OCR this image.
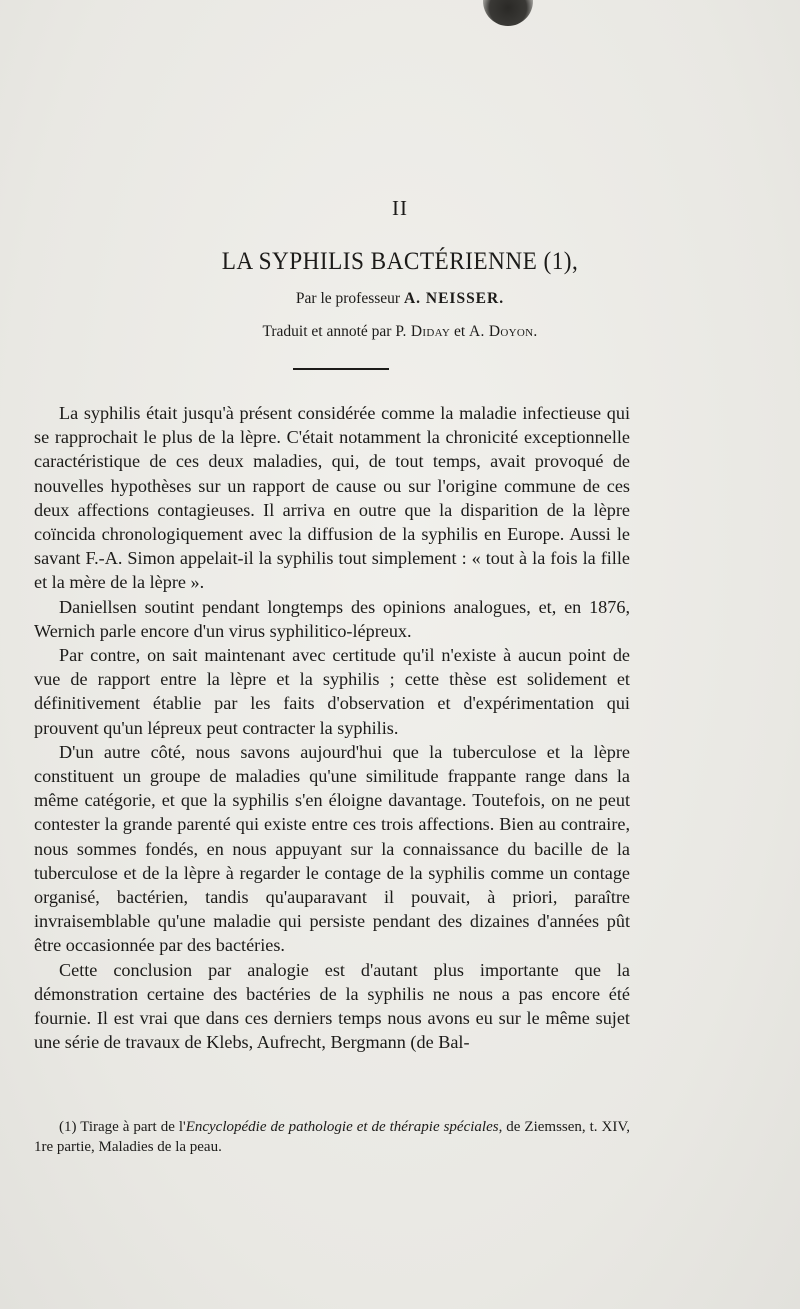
II
LA SYPHILIS BACTÉRIENNE (1),
Par le professeur A. NEISSER.
Traduit et annoté par P. Diday et A. Doyon.

La syphilis était jusqu'à présent considérée comme la maladie infectieuse qui se rapprochait le plus de la lèpre. C'était notamment la chronicité exceptionnelle caractéristique de ces deux maladies, qui, de tout temps, avait provoqué de nouvelles hypothèses sur un rapport de cause ou sur l'origine commune de ces deux affections contagieuses. Il arriva en outre que la disparition de la lèpre coïncida chronologiquement avec la diffusion de la syphilis en Europe. Aussi le savant F.-A. Simon appelait-il la syphilis tout simplement : « tout à la fois la fille et la mère de la lèpre ».

Daniellsen soutint pendant longtemps des opinions analogues, et, en 1876, Wernich parle encore d'un virus syphilitico-lépreux.

Par contre, on sait maintenant avec certitude qu'il n'existe à aucun point de vue de rapport entre la lèpre et la syphilis ; cette thèse est solidement et définitivement établie par les faits d'observation et d'expérimentation qui prouvent qu'un lépreux peut contracter la syphilis.

D'un autre côté, nous savons aujourd'hui que la tuberculose et la lèpre constituent un groupe de maladies qu'une similitude frappante range dans la même catégorie, et que la syphilis s'en éloigne davantage. Toutefois, on ne peut contester la grande parenté qui existe entre ces trois affections. Bien au contraire, nous sommes fondés, en nous appuyant sur la connaissance du bacille de la tuberculose et de la lèpre à regarder le contage de la syphilis comme un contage organisé, bactérien, tandis qu'auparavant il pouvait, à priori, paraître invraisemblable qu'une maladie qui persiste pendant des dizaines d'années pût être occasionnée par des bactéries.

Cette conclusion par analogie est d'autant plus importante que la démonstration certaine des bactéries de la syphilis ne nous a pas encore été fournie. Il est vrai que dans ces derniers temps nous avons eu sur le même sujet une série de travaux de Klebs, Aufrecht, Bergmann (de Bal-

(1) Tirage à part de l'Encyclopédie de pathologie et de thérapie spéciales, de Ziemssen, t. XIV, 1re partie, Maladies de la peau.
